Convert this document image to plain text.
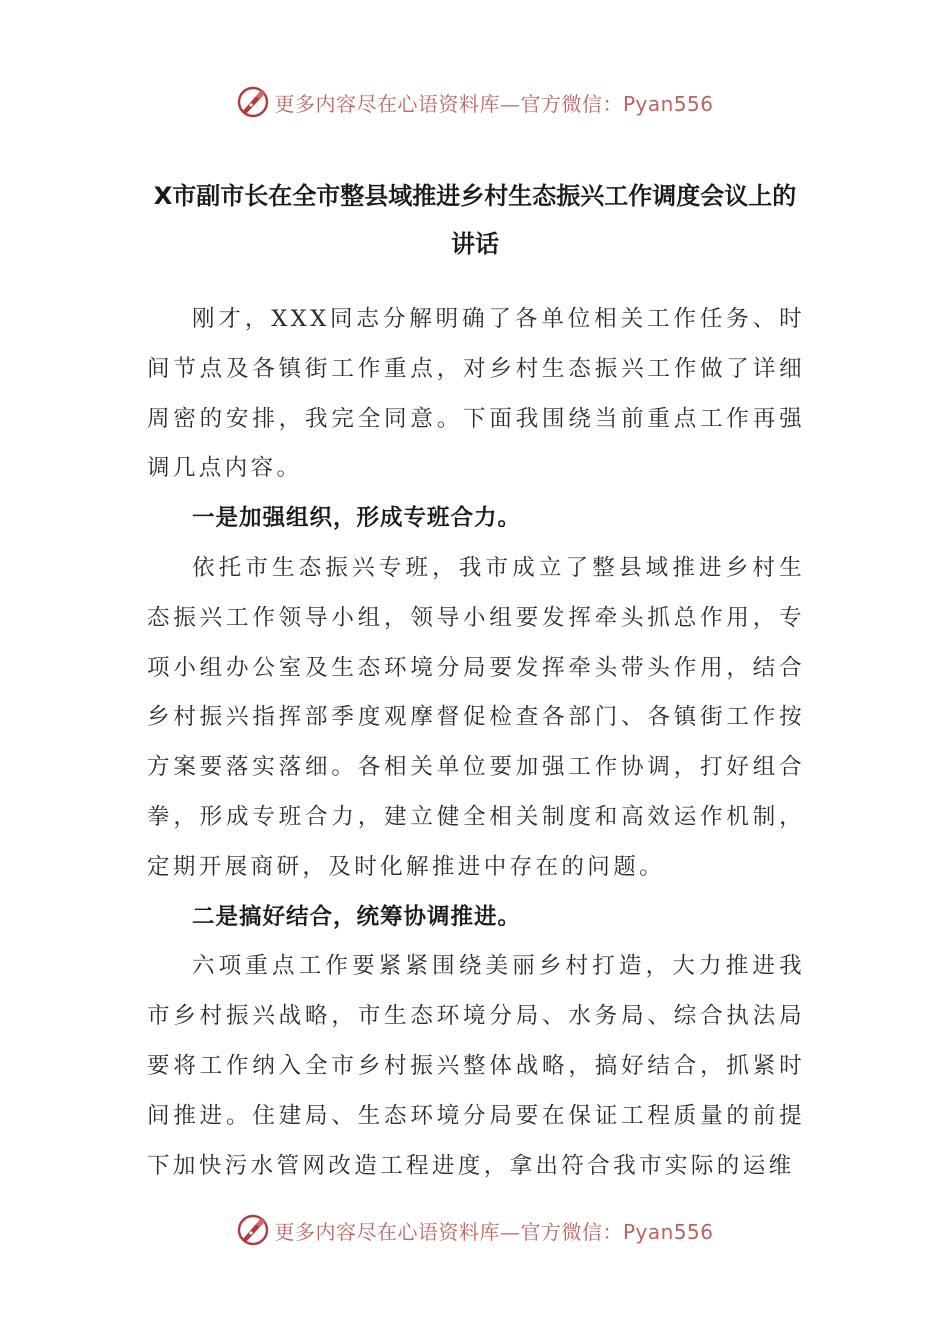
更多内容尽在心语资料库—官方微信：Pyan556
X市副市长在全市整县域推进乡村生态振兴工作调度会议上的讲话

刚才，XXX同志分解明确了各单位相关工作任务、时间节点及各镇街工作重点，对乡村生态振兴工作做了详细周密的安排，我完全同意。下面我围绕当前重点工作再强调几点内容。

一是加强组织，形成专班合力。

依托市生态振兴专班，我市成立了整县域推进乡村生态振兴工作领导小组，领导小组要发挥牵头抓总作用，专项小组办公室及生态环境分局要发挥牵头带头作用，结合乡村振兴指挥部季度观摩督促检查各部门、各镇街工作按方案要落实落细。各相关单位要加强工作协调，打好组合拳，形成专班合力，建立健全相关制度和高效运作机制，定期开展商研，及时化解推进中存在的问题。

二是搞好结合，统筹协调推进。

六项重点工作要紧紧围绕美丽乡村打造，大力推进我市乡村振兴战略，市生态环境分局、水务局、综合执法局要将工作纳入全市乡村振兴整体战略，搞好结合，抓紧时间推进。住建局、生态环境分局要在保证工程质量的前提下加快污水管网改造工程进度，拿出符合我市实际的运维

更多内容尽在心语资料库—官方微信：Pyan556
